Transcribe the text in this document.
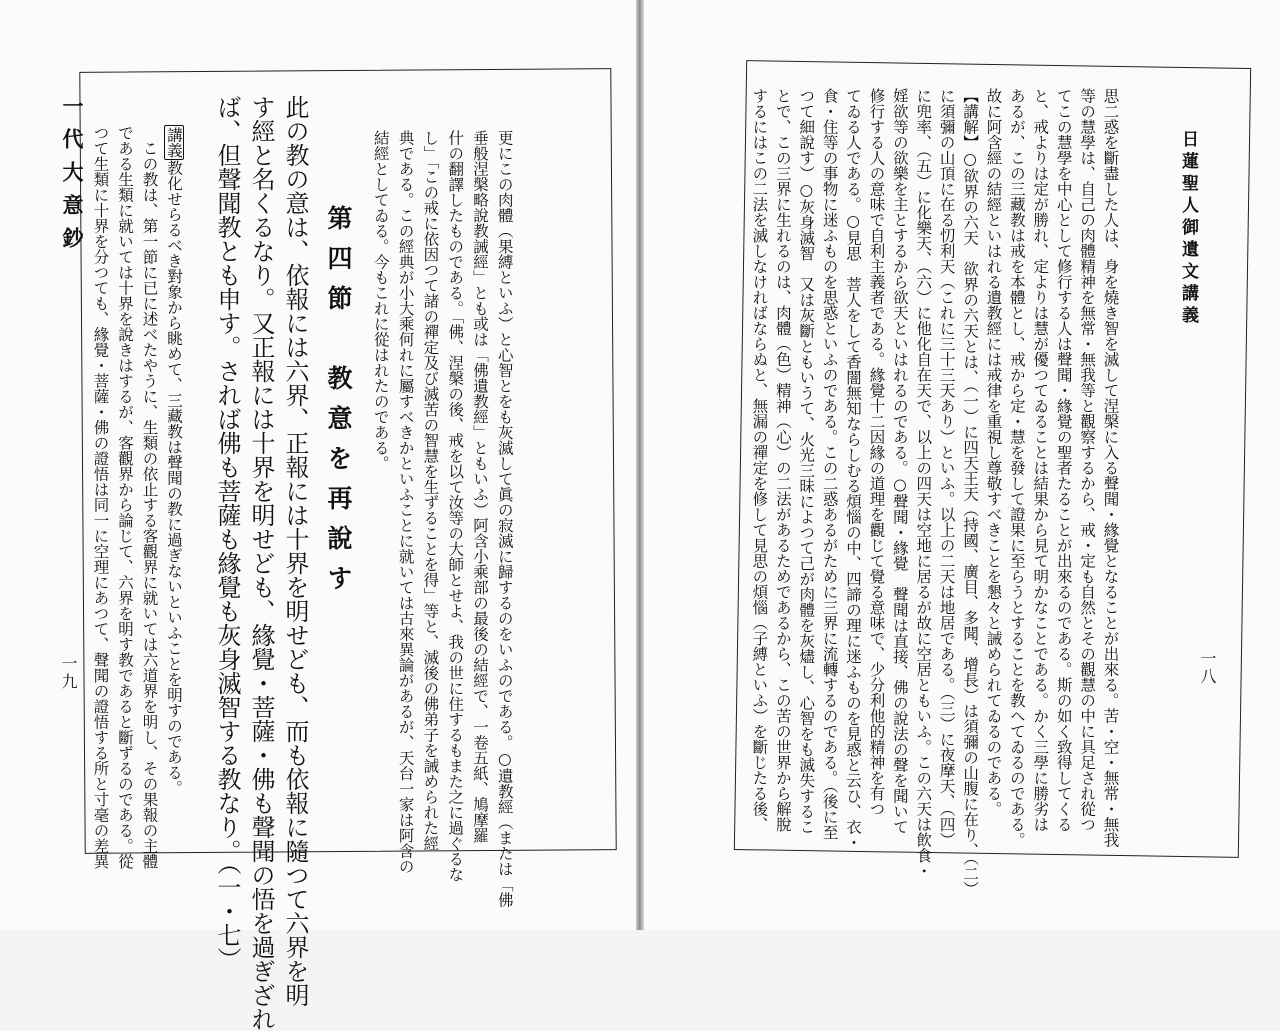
一代大意鈔
一九	更にこの肉體（果縛といふ）と心智とをも灰滅して眞の寂滅に歸するのをいふのである。○遺教經（または「佛
垂般涅槃略說教誡經」とも或は「佛遺教經」ともいふ）阿含小乘部の最後の結經で、一卷五紙、鳩摩羅
什の翻譯したものである。「佛、涅槃の後、戒を以て汝等の大師とせよ、我の世に住するもまた之に過ぐるな
し」「この戒に依因つて諸の禪定及び滅苦の智慧を生ずることを得」等と、滅後の佛弟子を誡められた經
典である。この經典が小大乘何れに屬すべきかといふことに就いては古來異論があるが、天台一家は阿含の
結經としてゐる。今もこれに從はれたのである。
第四節　教意を再說す
此の教の意は、依報には六界、正報には十界を明せども、而も依報に隨つて六界を明
す經と名くるなり。又正報には十界を明せども、緣覺・菩薩・佛も聲聞の悟を過ぎざれ
ば、但聲聞教とも申す。されば佛も菩薩も緣覺も灰身滅智する教なり。（一・七）
講義教化せらるべき對象から眺めて、三藏教は聲聞の教に過ぎないといふことを明すのである。
　この教は、第一節に已に述べたやうに、生類の依止する客觀界に就いては六道界を明し、その果報の主體
である生類に就いては十界を說きはするが、客觀界から論じて、六界を明す教であると斷ずるのである。從
つて生類に十界を分つても、緣覺・菩薩・佛の證悟は同一に空理にあつて、聲聞の證悟する所と寸毫の差異	日蓮聖人御遺文講義
一八
思二惑を斷盡した人は、身を燒き智を滅して涅槃に入る聲聞・緣覺となることが出來る。苦・空・無常・無我
等の慧學は、自己の肉體精神を無常・無我等と觀察するから、戒・定も自然とその觀慧の中に具足され從つ
てこの慧學を中心として修行する人は聲聞・緣覺の聖者たることが出來るのである。斯の如く致得してくる
と、戒よりは定が勝れ、定よりは慧が優つてゐることは結果から見て明かなことである。かく三學に勝劣は
あるが、この三藏教は戒を本體とし、戒から定・慧を發して證果に至らうとすることを教へてゐるのである。
故に阿含經の結經といはれる遺教經には戒律を重視し尊敬すべきことを懇々と誡められてゐるのである。
【講解】○欲界の六天　欲界の六天とは、（一）に四天王天（持國、廣目、多聞、增長）は須彌の山腹に在り、（二）
に須彌の山頂に在る忉利天（これに三十三天あり）といふ。以上の二天は地居である。（三）に夜摩天、（四）
に兜率、（五）に化樂天、（六）に他化自在天で、以上の四天は空地に居るが故に空居ともいふ。この六天は飲食・
婬欲等の欲樂を主とするから欲天といはれるのである。○聲聞・緣覺　聲聞は直接、佛の說法の聲を聞いて
修行する人の意味で自利主義者である。緣覺十二因緣の道理を觀じて覺る意味で、少分利他的精神を有つ
てゐる人である。○見思　菩人をして香闇無知ならしむる煩惱の中、四諦の理に迷ふものを見惑と云ひ、衣・
食・住等の事物に迷ふものを思惑といふのである。この二惑あるがために三界に流轉するのである。（後に至
つて細說す）○灰身滅智　又は灰斷ともいうて、火光三昧によつて己が肉體を灰燼し、心智をも滅失するこ
とで、この三界に生れるのは、肉體（色）精神（心）の二法があるためであるから、この苦の世界から解脫
するにはこの二法を滅しなければならぬと、無漏の禪定を修して見思の煩惱（子縛といふ）を斷じたる後、
